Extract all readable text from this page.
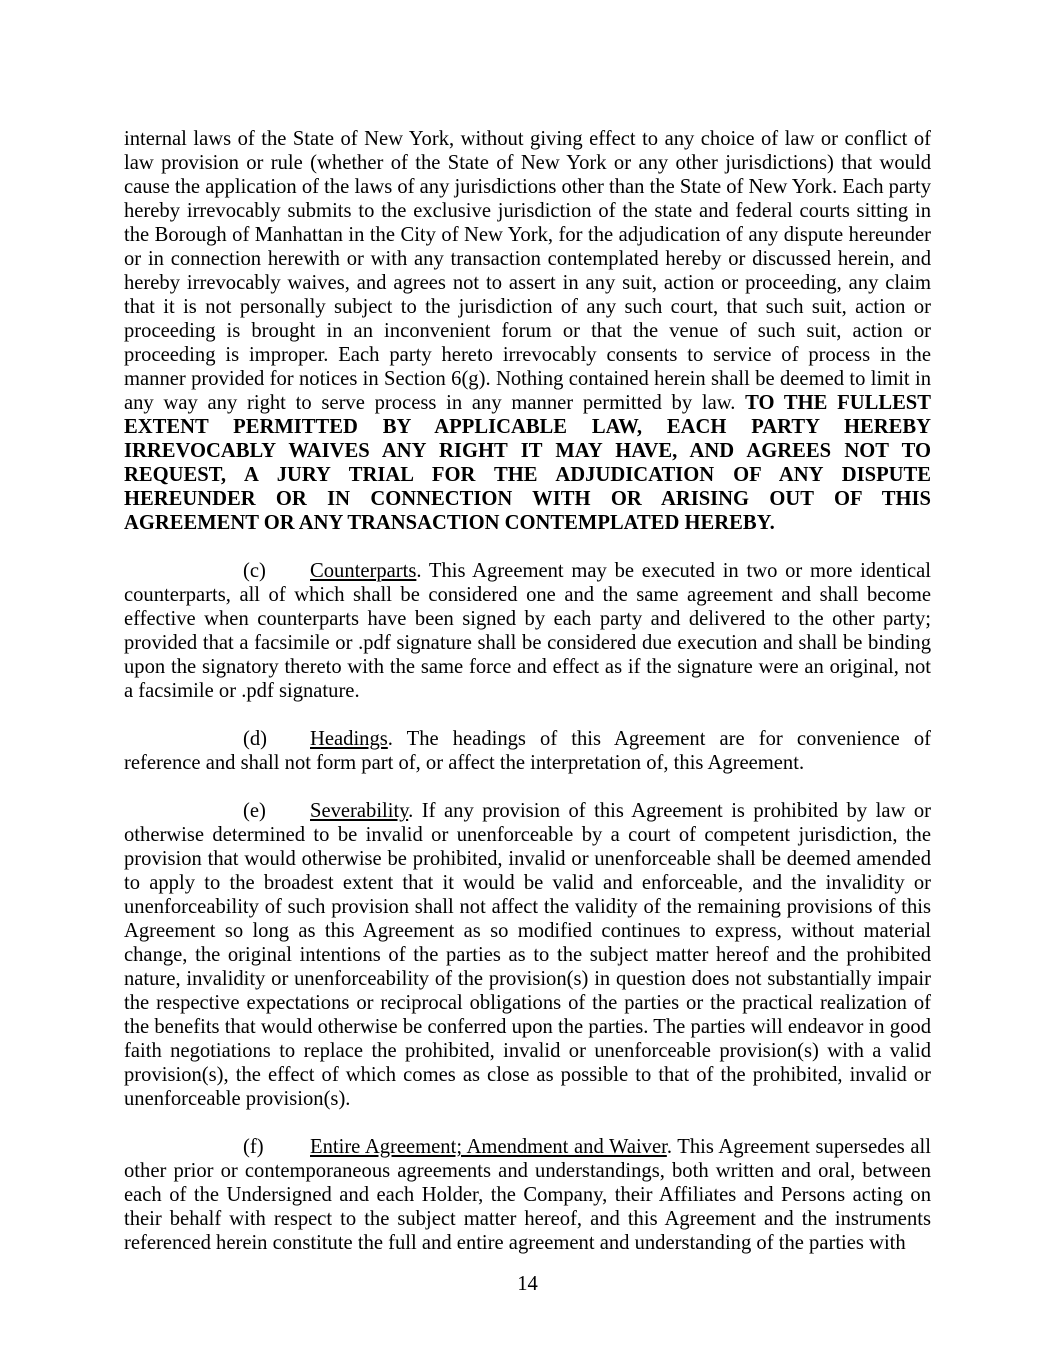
internal laws of the State of New York, without giving effect to any choice of law or conflict of law provision or rule (whether of the State of New York or any other jurisdictions) that would cause the application of the laws of any jurisdictions other than the State of New York. Each party hereby irrevocably submits to the exclusive jurisdiction of the state and federal courts sitting in the Borough of Manhattan in the City of New York, for the adjudication of any dispute hereunder or in connection herewith or with any transaction contemplated hereby or discussed herein, and hereby irrevocably waives, and agrees not to assert in any suit, action or proceeding, any claim that it is not personally subject to the jurisdiction of any such court, that such suit, action or proceeding is brought in an inconvenient forum or that the venue of such suit, action or proceeding is improper. Each party hereto irrevocably consents to service of process in the manner provided for notices in Section 6(g). Nothing contained herein shall be deemed to limit in any way any right to serve process in any manner permitted by law. TO THE FULLEST EXTENT PERMITTED BY APPLICABLE LAW, EACH PARTY HEREBY IRREVOCABLY WAIVES ANY RIGHT IT MAY HAVE, AND AGREES NOT TO REQUEST, A JURY TRIAL FOR THE ADJUDICATION OF ANY DISPUTE HEREUNDER OR IN CONNECTION WITH OR ARISING OUT OF THIS AGREEMENT OR ANY TRANSACTION CONTEMPLATED HEREBY.

(c) Counterparts. This Agreement may be executed in two or more identical counterparts, all of which shall be considered one and the same agreement and shall become effective when counterparts have been signed by each party and delivered to the other party; provided that a facsimile or .pdf signature shall be considered due execution and shall be binding upon the signatory thereto with the same force and effect as if the signature were an original, not a facsimile or .pdf signature.

(d) Headings. The headings of this Agreement are for convenience of reference and shall not form part of, or affect the interpretation of, this Agreement.

(e) Severability. If any provision of this Agreement is prohibited by law or otherwise determined to be invalid or unenforceable by a court of competent jurisdiction, the provision that would otherwise be prohibited, invalid or unenforceable shall be deemed amended to apply to the broadest extent that it would be valid and enforceable, and the invalidity or unenforceability of such provision shall not affect the validity of the remaining provisions of this Agreement so long as this Agreement as so modified continues to express, without material change, the original intentions of the parties as to the subject matter hereof and the prohibited nature, invalidity or unenforceability of the provision(s) in question does not substantially impair the respective expectations or reciprocal obligations of the parties or the practical realization of the benefits that would otherwise be conferred upon the parties. The parties will endeavor in good faith negotiations to replace the prohibited, invalid or unenforceable provision(s) with a valid provision(s), the effect of which comes as close as possible to that of the prohibited, invalid or unenforceable provision(s).

(f) Entire Agreement; Amendment and Waiver. This Agreement supersedes all other prior or contemporaneous agreements and understandings, both written and oral, between each of the Undersigned and each Holder, the Company, their Affiliates and Persons acting on their behalf with respect to the subject matter hereof, and this Agreement and the instruments referenced herein constitute the full and entire agreement and understanding of the parties with

14
